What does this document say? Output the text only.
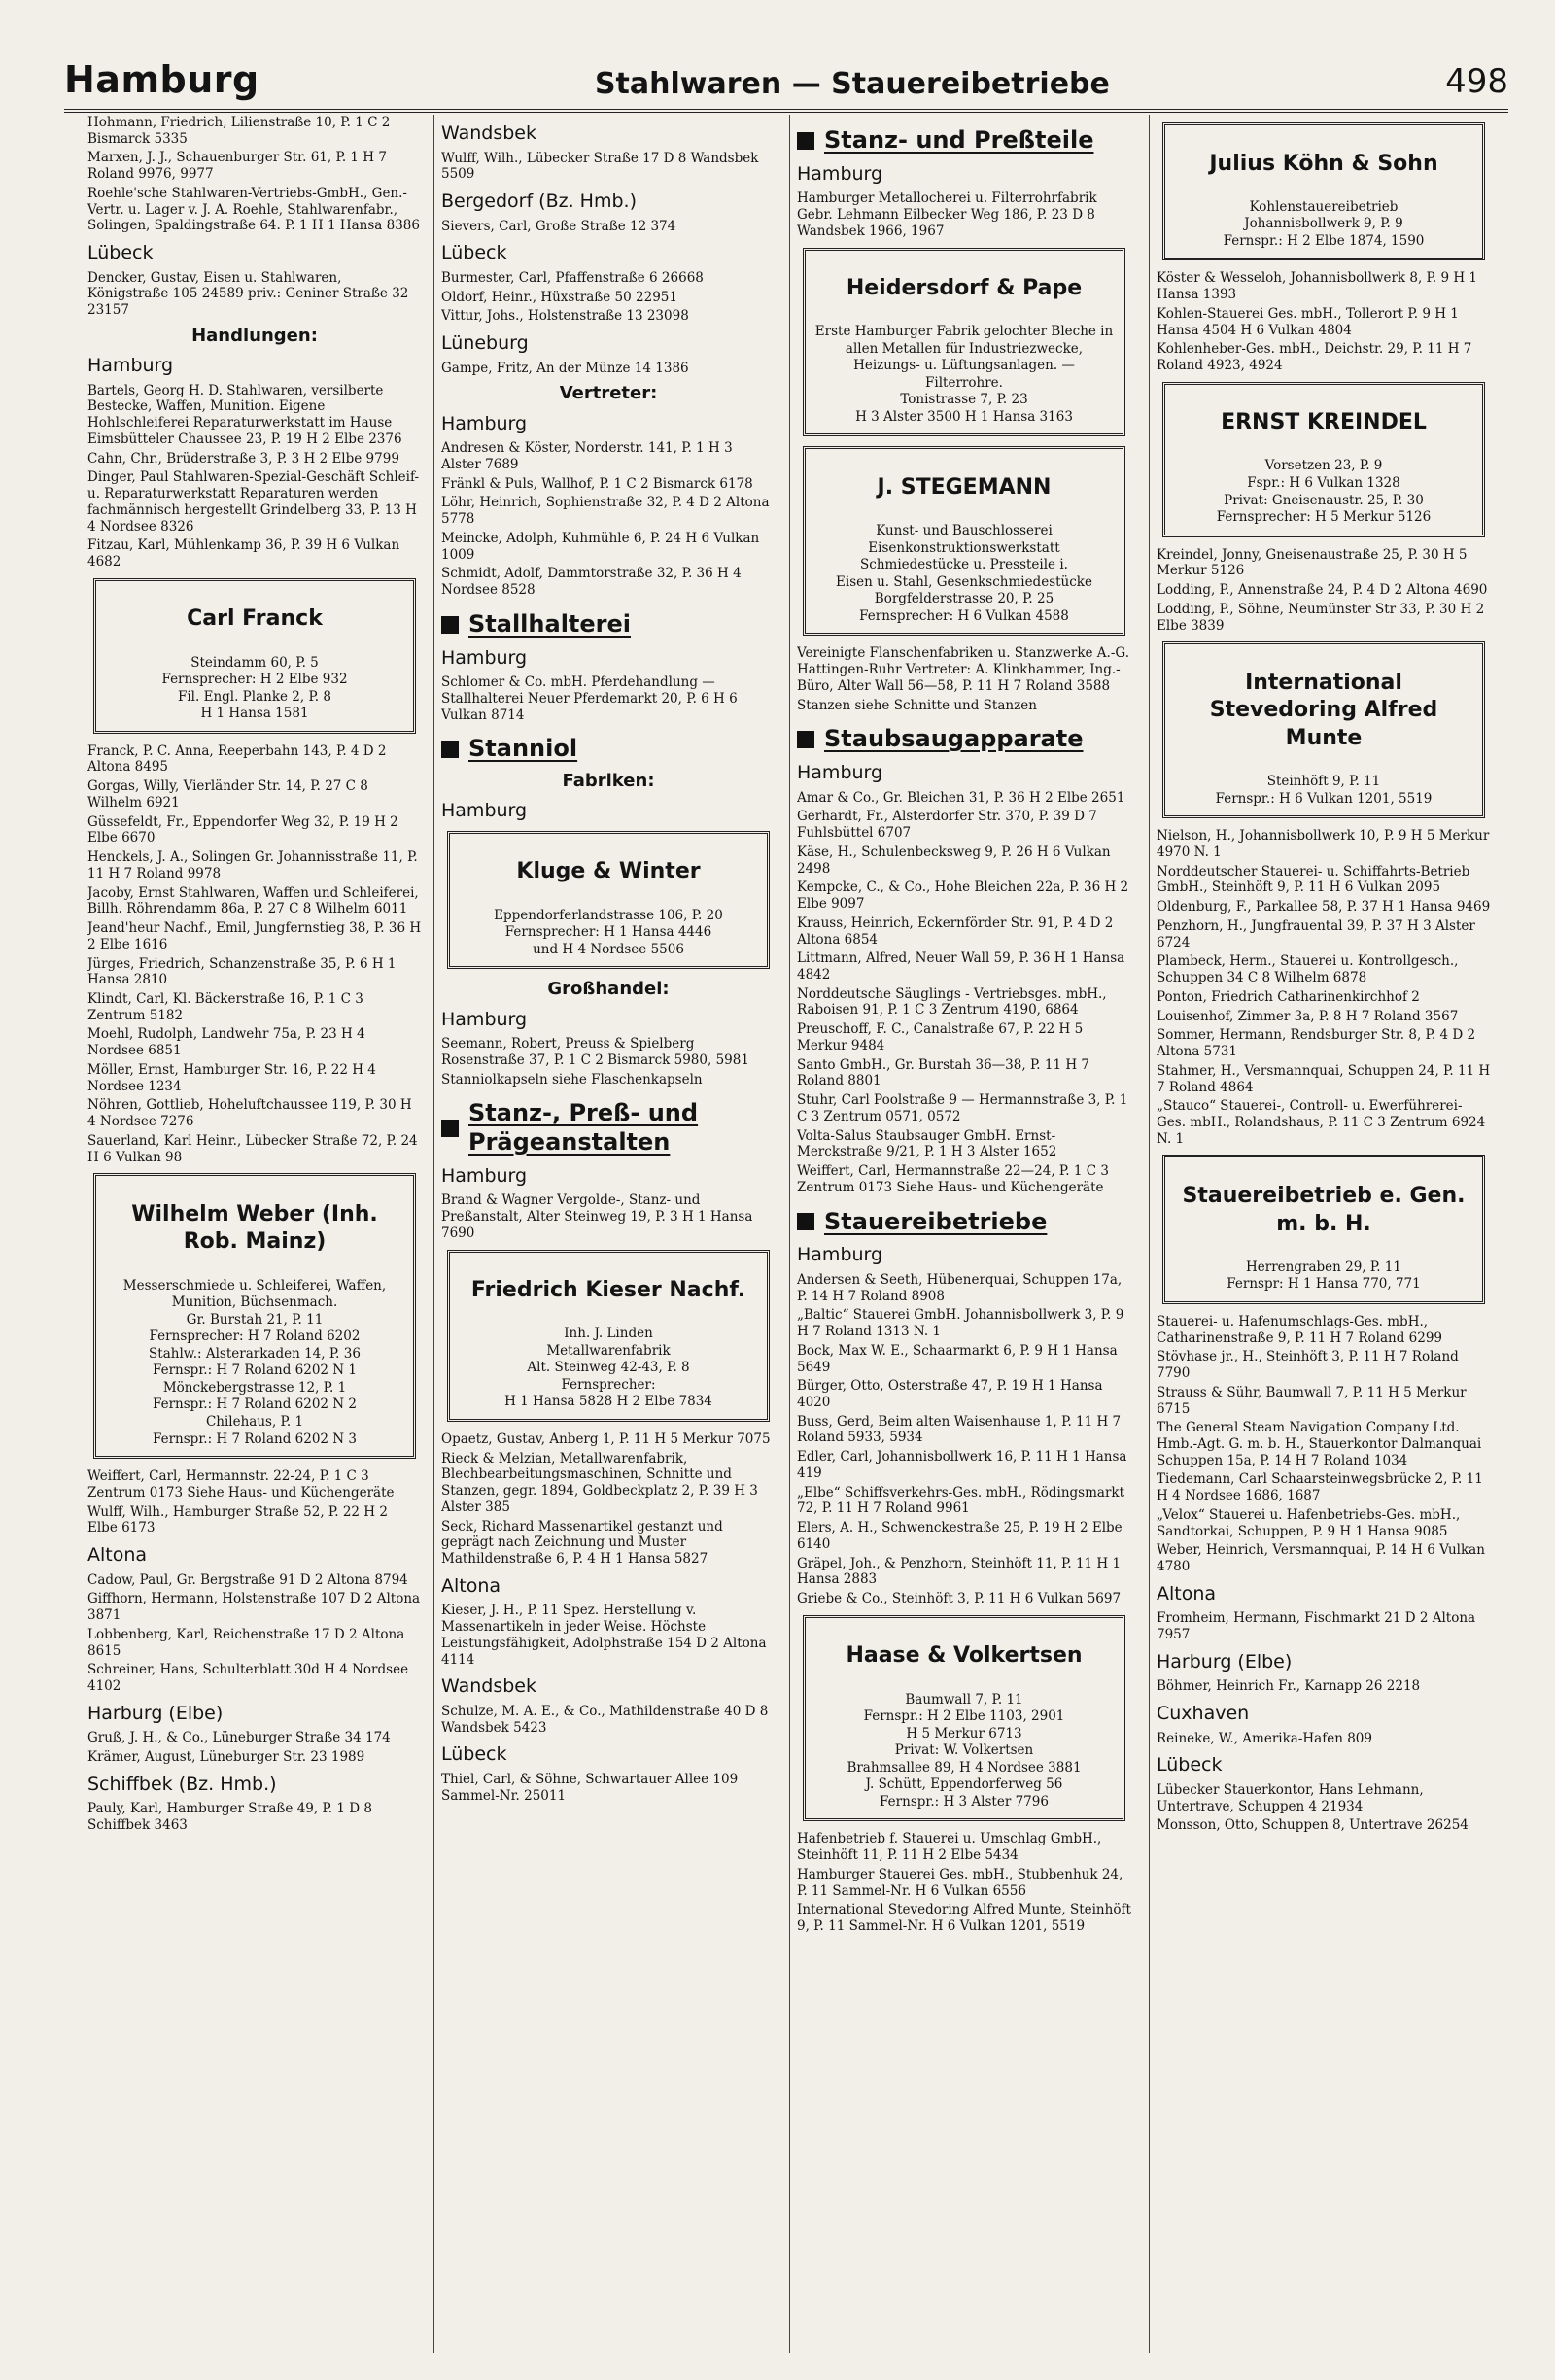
Hamburg	Stahlwaren — Stauereibetriebe	498
Hohmann, Friedrich, Lilienstraße 10, P. 1 C 2 Bismarck 5335
Marxen, J. J., Schauenburger Str. 61, P. 1 H 7 Roland 9976, 9977
Roehle'sche Stahlwaren-Vertriebs-GmbH., Gen.-Vertr. u. Lager v. J. A. Roehle, Stahlwarenfabr., Solingen, Spaldingstraße 64. P. 1 H 1 Hansa 8386
Lübeck
Dencker, Gustav, Eisen u. Stahlwaren, Königstraße 105 24589 priv.: Geniner Straße 32 23157
Handlungen:
Hamburg
Bartels, Georg H. D. Stahlwaren, versilberte Bestecke, Waffen, Munition. Eigene Hohlschleiferei Reparaturwerkstatt im Hause Eimsbütteler Chaussee 23, P. 19 H 2 Elbe 2376
Cahn, Chr., Brüderstraße 3, P. 3 H 2 Elbe 9799
Dinger, Paul Stahlwaren-Spezial-Geschäft Schleif- u. Reparaturwerkstatt Reparaturen werden fachmännisch hergestellt Grindelberg 33, P. 13 H 4 Nordsee 8326
Fitzau, Karl, Mühlenkamp 36, P. 39 H 6 Vulkan 4682

Carl Franck

Steindamm 60, P. 5
Fernsprecher: H 2 Elbe 932
Fil. Engl. Planke 2, P. 8
H 1 Hansa 1581

Franck, P. C. Anna, Reeperbahn 143, P. 4 D 2 Altona 8495
Gorgas, Willy, Vierländer Str. 14, P. 27 C 8 Wilhelm 6921
Güssefeldt, Fr., Eppendorfer Weg 32, P. 19 H 2 Elbe 6670
Henckels, J. A., Solingen Gr. Johannisstraße 11, P. 11 H 7 Roland 9978
Jacoby, Ernst Stahlwaren, Waffen und Schleiferei, Billh. Röhrendamm 86a, P. 27 C 8 Wilhelm 6011
Jeand'heur Nachf., Emil, Jungfernstieg 38, P. 36 H 2 Elbe 1616
Jürges, Friedrich, Schanzenstraße 35, P. 6 H 1 Hansa 2810
Klindt, Carl, Kl. Bäckerstraße 16, P. 1 C 3 Zentrum 5182
Moehl, Rudolph, Landwehr 75a, P. 23 H 4 Nordsee 6851
Möller, Ernst, Hamburger Str. 16, P. 22 H 4 Nordsee 1234
Nöhren, Gottlieb, Hoheluftchaussee 119, P. 30 H 4 Nordsee 7276
Sauerland, Karl Heinr., Lübecker Straße 72, P. 24 H 6 Vulkan 98

Wilhelm Weber (Inh. Rob. Mainz)

Messerschmiede u. Schleiferei, Waffen, Munition, Büchsenmach.
Gr. Burstah 21, P. 11
Fernsprecher: H 7 Roland 6202
Stahlw.: Alsterarkaden 14, P. 36
Fernspr.: H 7 Roland 6202 N 1
Mönckebergstrasse 12, P. 1
Fernspr.: H 7 Roland 6202 N 2
Chilehaus, P. 1
Fernspr.: H 7 Roland 6202 N 3

Weiffert, Carl, Hermannstr. 22-24, P. 1 C 3 Zentrum 0173 Siehe Haus- und Küchengeräte
Wulff, Wilh., Hamburger Straße 52, P. 22 H 2 Elbe 6173
Altona
Cadow, Paul, Gr. Bergstraße 91 D 2 Altona 8794
Giffhorn, Hermann, Holstenstraße 107 D 2 Altona 3871
Lobbenberg, Karl, Reichenstraße 17 D 2 Altona 8615
Schreiner, Hans, Schulterblatt 30d H 4 Nordsee 4102
Harburg (Elbe)
Gruß, J. H., & Co., Lüneburger Straße 34 174
Krämer, August, Lüneburger Str. 23 1989
Schiffbek (Bz. Hmb.)
Pauly, Karl, Hamburger Straße 49, P. 1 D 8 Schiffbek 3463
Wandsbek
Wulff, Wilh., Lübecker Straße 17 D 8 Wandsbek 5509
Bergedorf (Bz. Hmb.)
Sievers, Carl, Große Straße 12 374
Lübeck
Burmester, Carl, Pfaffenstraße 6 26668
Oldorf, Heinr., Hüxstraße 50 22951
Vittur, Johs., Holstenstraße 13 23098
Lüneburg
Gampe, Fritz, An der Münze 14 1386
Vertreter:
Hamburg
Andresen & Köster, Norderstr. 141, P. 1 H 3 Alster 7689
Fränkl & Puls, Wallhof, P. 1 C 2 Bismarck 6178
Löhr, Heinrich, Sophienstraße 32, P. 4 D 2 Altona 5778
Meincke, Adolph, Kuhmühle 6, P. 24 H 6 Vulkan 1009
Schmidt, Adolf, Dammtorstraße 32, P. 36 H 4 Nordsee 8528
Stallhalterei
Hamburg
Schlomer & Co. mbH. Pferdehandlung — Stallhalterei Neuer Pferdemarkt 20, P. 6 H 6 Vulkan 8714
Stanniol
Fabriken:
Hamburg

Kluge & Winter

Eppendorferlandstrasse 106, P. 20
Fernsprecher: H 1 Hansa 4446
und H 4 Nordsee 5506

Großhandel:
Hamburg
Seemann, Robert, Preuss & Spielberg Rosenstraße 37, P. 1 C 2 Bismarck 5980, 5981
Stanniolkapseln siehe Flaschenkapseln
Stanz-, Preß- und Prägeanstalten
Hamburg
Brand & Wagner Vergolde-, Stanz- und Preßanstalt, Alter Steinweg 19, P. 3 H 1 Hansa 7690

Friedrich Kieser Nachf.

Inh. J. Linden
Metallwarenfabrik
Alt. Steinweg 42-43, P. 8
Fernsprecher:
H 1 Hansa 5828 H 2 Elbe 7834

Opaetz, Gustav, Anberg 1, P. 11 H 5 Merkur 7075
Rieck & Melzian, Metallwarenfabrik, Blechbearbeitungsmaschinen, Schnitte und Stanzen, gegr. 1894, Goldbeckplatz 2, P. 39 H 3 Alster 385
Seck, Richard Massenartikel gestanzt und geprägt nach Zeichnung und Muster Mathildenstraße 6, P. 4 H 1 Hansa 5827
Altona
Kieser, J. H., P. 11 Spez. Herstellung v. Massenartikeln in jeder Weise. Höchste Leistungsfähigkeit, Adolphstraße 154 D 2 Altona 4114
Wandsbek
Schulze, M. A. E., & Co., Mathildenstraße 40 D 8 Wandsbek 5423
Lübeck
Thiel, Carl, & Söhne, Schwartauer Allee 109 Sammel-Nr. 25011
Stanz- und Preßteile
Hamburg
Hamburger Metallocherei u. Filterrohrfabrik Gebr. Lehmann Eilbecker Weg 186, P. 23 D 8 Wandsbek 1966, 1967

Heidersdorf & Pape

Erste Hamburger Fabrik gelochter Bleche in allen Metallen für Industriezwecke, Heizungs- u. Lüftungsanlagen. — Filterrohre.
Tonistrasse 7, P. 23
H 3 Alster 3500 H 1 Hansa 3163

J. STEGEMANN

Kunst- und Bauschlosserei
Eisenkonstruktionswerkstatt
Schmiedestücke u. Pressteile i.
Eisen u. Stahl, Gesenkschmiedestücke
Borgfelderstrasse 20, P. 25
Fernsprecher: H 6 Vulkan 4588

Vereinigte Flanschenfabriken u. Stanzwerke A.-G. Hattingen-Ruhr Vertreter: A. Klinkhammer, Ing.-Büro, Alter Wall 56—58, P. 11 H 7 Roland 3588
Stanzen siehe Schnitte und Stanzen
Staubsaugapparate
Hamburg
Amar & Co., Gr. Bleichen 31, P. 36 H 2 Elbe 2651
Gerhardt, Fr., Alsterdorfer Str. 370, P. 39 D 7 Fuhlsbüttel 6707
Käse, H., Schulenbecksweg 9, P. 26 H 6 Vulkan 2498
Kempcke, C., & Co., Hohe Bleichen 22a, P. 36 H 2 Elbe 9097
Krauss, Heinrich, Eckernförder Str. 91, P. 4 D 2 Altona 6854
Littmann, Alfred, Neuer Wall 59, P. 36 H 1 Hansa 4842
Norddeutsche Säuglings - Vertriebsges. mbH., Raboisen 91, P. 1 C 3 Zentrum 4190, 6864
Preuschoff, F. C., Canalstraße 67, P. 22 H 5 Merkur 9484
Santo GmbH., Gr. Burstah 36—38, P. 11 H 7 Roland 8801
Stuhr, Carl Poolstraße 9 — Hermannstraße 3, P. 1 C 3 Zentrum 0571, 0572
Volta-Salus Staubsauger GmbH. Ernst-Merckstraße 9/21, P. 1 H 3 Alster 1652
Weiffert, Carl, Hermannstraße 22—24, P. 1 C 3 Zentrum 0173 Siehe Haus- und Küchengeräte
Stauereibetriebe
Hamburg
Andersen & Seeth, Hübenerquai, Schuppen 17a, P. 14 H 7 Roland 8908
„Baltic“ Stauerei GmbH. Johannisbollwerk 3, P. 9 H 7 Roland 1313 N. 1
Bock, Max W. E., Schaarmarkt 6, P. 9 H 1 Hansa 5649
Bürger, Otto, Osterstraße 47, P. 19 H 1 Hansa 4020
Buss, Gerd, Beim alten Waisenhause 1, P. 11 H 7 Roland 5933, 5934
Edler, Carl, Johannisbollwerk 16, P. 11 H 1 Hansa 419
„Elbe“ Schiffsverkehrs-Ges. mbH., Rödingsmarkt 72, P. 11 H 7 Roland 9961
Elers, A. H., Schwenckestraße 25, P. 19 H 2 Elbe 6140
Gräpel, Joh., & Penzhorn, Steinhöft 11, P. 11 H 1 Hansa 2883
Griebe & Co., Steinhöft 3, P. 11 H 6 Vulkan 5697

Haase & Volkertsen

Baumwall 7, P. 11
Fernspr.: H 2 Elbe 1103, 2901
H 5 Merkur 6713
Privat: W. Volkertsen
Brahmsallee 89, H 4 Nordsee 3881
J. Schütt, Eppendorferweg 56
Fernspr.: H 3 Alster 7796

Hafenbetrieb f. Stauerei u. Umschlag GmbH., Steinhöft 11, P. 11 H 2 Elbe 5434
Hamburger Stauerei Ges. mbH., Stubbenhuk 24, P. 11 Sammel-Nr. H 6 Vulkan 6556
International Stevedoring Alfred Munte, Steinhöft 9, P. 11 Sammel-Nr. H 6 Vulkan 1201, 5519

Julius Köhn & Sohn

Kohlenstauereibetrieb
Johannisbollwerk 9, P. 9
Fernspr.: H 2 Elbe 1874, 1590

Köster & Wesseloh, Johannisbollwerk 8, P. 9 H 1 Hansa 1393
Kohlen-Stauerei Ges. mbH., Tollerort P. 9 H 1 Hansa 4504 H 6 Vulkan 4804
Kohlenheber-Ges. mbH., Deichstr. 29, P. 11 H 7 Roland 4923, 4924

ERNST KREINDEL

Vorsetzen 23, P. 9
Fspr.: H 6 Vulkan 1328
Privat: Gneisenaustr. 25, P. 30
Fernsprecher: H 5 Merkur 5126

Kreindel, Jonny, Gneisenaustraße 25, P. 30 H 5 Merkur 5126
Lodding, P., Annenstraße 24, P. 4 D 2 Altona 4690
Lodding, P., Söhne, Neumünster Str 33, P. 30 H 2 Elbe 3839

International Stevedoring Alfred Munte

Steinhöft 9, P. 11
Fernspr.: H 6 Vulkan 1201, 5519

Nielson, H., Johannisbollwerk 10, P. 9 H 5 Merkur 4970 N. 1
Norddeutscher Stauerei- u. Schiffahrts-Betrieb GmbH., Steinhöft 9, P. 11 H 6 Vulkan 2095
Oldenburg, F., Parkallee 58, P. 37 H 1 Hansa 9469
Penzhorn, H., Jungfrauental 39, P. 37 H 3 Alster 6724
Plambeck, Herm., Stauerei u. Kontrollgesch., Schuppen 34 C 8 Wilhelm 6878
Ponton, Friedrich Catharinenkirchhof 2
Louisenhof, Zimmer 3a, P. 8 H 7 Roland 3567
Sommer, Hermann, Rendsburger Str. 8, P. 4 D 2 Altona 5731
Stahmer, H., Versmannquai, Schuppen 24, P. 11 H 7 Roland 4864
„Stauco“ Stauerei-, Controll- u. Ewerführerei-Ges. mbH., Rolandshaus, P. 11 C 3 Zentrum 6924 N. 1

Stauereibetrieb e. Gen. m. b. H.

Herrengraben 29, P. 11
Fernspr: H 1 Hansa 770, 771

Stauerei- u. Hafenumschlags-Ges. mbH., Catharinenstraße 9, P. 11 H 7 Roland 6299
Stövhase jr., H., Steinhöft 3, P. 11 H 7 Roland 7790
Strauss & Sühr, Baumwall 7, P. 11 H 5 Merkur 6715
The General Steam Navigation Company Ltd. Hmb.-Agt. G. m. b. H., Stauerkontor Dalmanquai Schuppen 15a, P. 14 H 7 Roland 1034
Tiedemann, Carl Schaarsteinwegsbrücke 2, P. 11 H 4 Nordsee 1686, 1687
„Velox“ Stauerei u. Hafenbetriebs-Ges. mbH., Sandtorkai, Schuppen, P. 9 H 1 Hansa 9085
Weber, Heinrich, Versmannquai, P. 14 H 6 Vulkan 4780
Altona
Fromheim, Hermann, Fischmarkt 21 D 2 Altona 7957
Harburg (Elbe)
Böhmer, Heinrich Fr., Karnapp 26 2218
Cuxhaven
Reineke, W., Amerika-Hafen 809
Lübeck
Lübecker Stauerkontor, Hans Lehmann, Untertrave, Schuppen 4 21934
Monsson, Otto, Schuppen 8, Untertrave 26254
